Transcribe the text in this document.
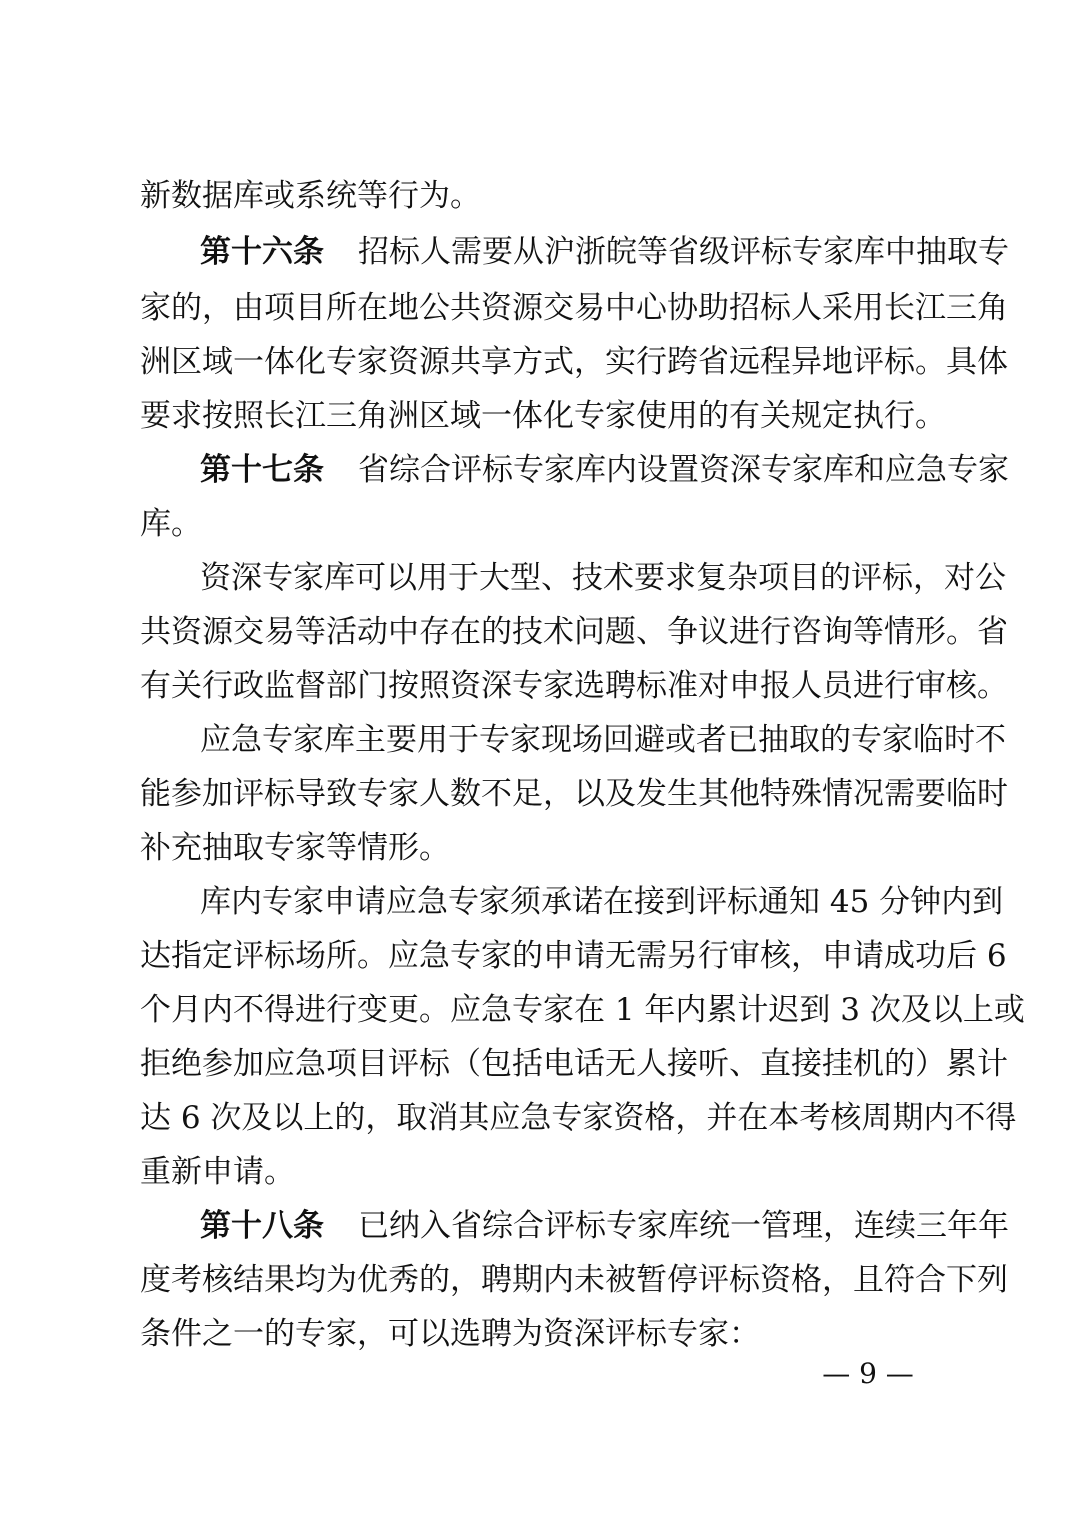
新数据库或系统等行为。
第十六条 招标人需要从沪浙皖等省级评标专家库中抽取专
家的，由项目所在地公共资源交易中心协助招标人采用长江三角
洲区域一体化专家资源共享方式，实行跨省远程异地评标。具体
要求按照长江三角洲区域一体化专家使用的有关规定执行。
第十七条 省综合评标专家库内设置资深专家库和应急专家
库。
资深专家库可以用于大型、技术要求复杂项目的评标，对公
共资源交易等活动中存在的技术问题、争议进行咨询等情形。省
有关行政监督部门按照资深专家选聘标准对申报人员进行审核。
应急专家库主要用于专家现场回避或者已抽取的专家临时不
能参加评标导致专家人数不足，以及发生其他特殊情况需要临时
补充抽取专家等情形。
库内专家申请应急专家须承诺在接到评标通知 45 分钟内到
达指定评标场所。应急专家的申请无需另行审核，申请成功后 6
个月内不得进行变更。应急专家在 1 年内累计迟到 3 次及以上或
拒绝参加应急项目评标（包括电话无人接听、直接挂机的）累计
达 6 次及以上的，取消其应急专家资格，并在本考核周期内不得
重新申请。
第十八条 已纳入省综合评标专家库统一管理，连续三年年
度考核结果均为优秀的，聘期内未被暂停评标资格，且符合下列
条件之一的专家，可以选聘为资深评标专家：
— 9 —
